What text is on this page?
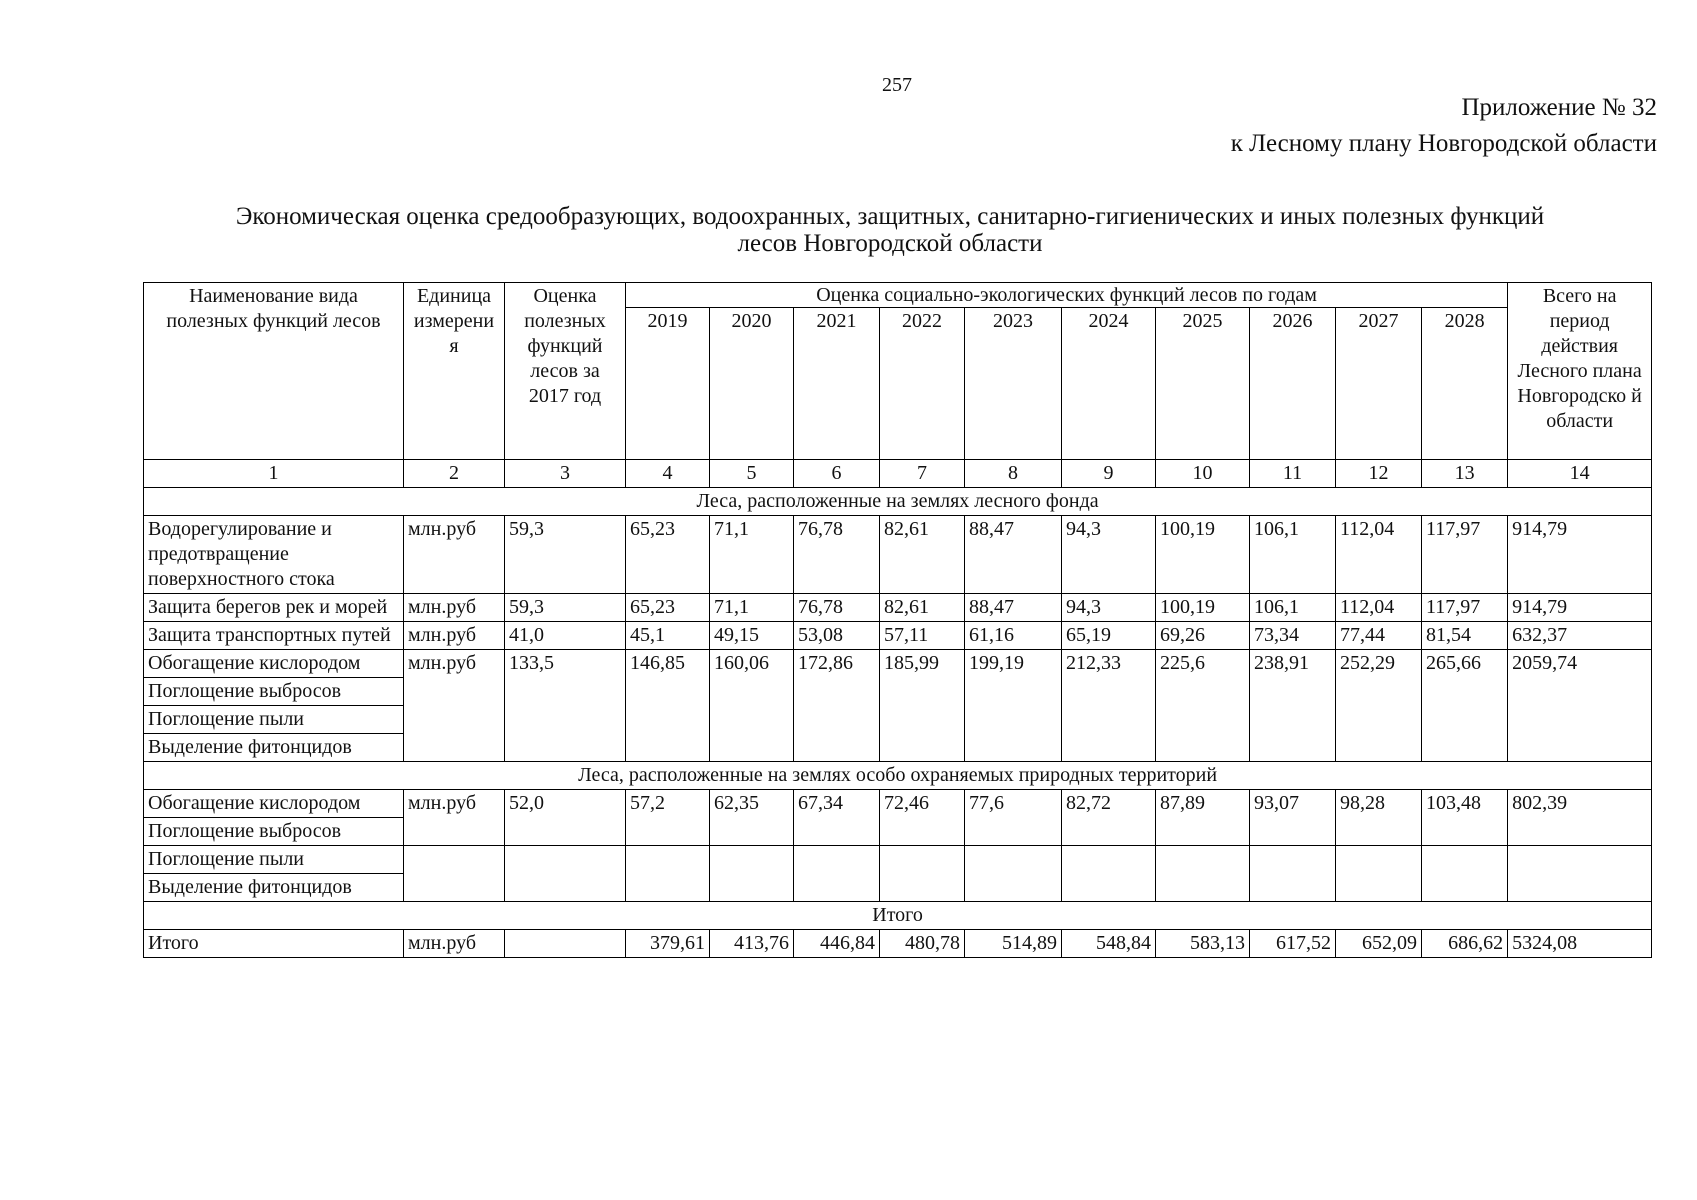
257
Приложение № 32
к Лесному плану Новгородской области
Экономическая оценка средообразующих, водоохранных, защитных, санитарно-гигиенических и иных полезных функций
лесов Новгородской области
Наименование вида полезных функций лесов	Единица измерени я	Оценка полезных функций лесов за 2017 год	Оценка социально-экологических функций лесов по годам										Всего на период действия Лесного плана Новгородско й области
			2019	2020	2021	2022	2023	2024	2025	2026	2027	2028	
1	2	3	4	5	6	7	8	9	10	11	12	13	14
Леса, расположенные на землях лесного фонда													
Водорегулирование и предотвращение поверхностного стока	млн.руб	59,3	65,23	71,1	76,78	82,61	88,47	94,3	100,19	106,1	112,04	117,97	914,79
Защита берегов рек и морей	млн.руб	59,3	65,23	71,1	76,78	82,61	88,47	94,3	100,19	106,1	112,04	117,97	914,79
Защита транспортных путей	млн.руб	41,0	45,1	49,15	53,08	57,11	61,16	65,19	69,26	73,34	77,44	81,54	632,37
Обогащение кислородом	млн.руб	133,5	146,85	160,06	172,86	185,99	199,19	212,33	225,6	238,91	252,29	265,66	2059,74
Поглощение выбросов													
Поглощение пыли													
Выделение фитонцидов													
Леса, расположенные на землях особо охраняемых природных территорий													
Обогащение кислородом	млн.руб	52,0	57,2	62,35	67,34	72,46	77,6	82,72	87,89	93,07	98,28	103,48	802,39
Поглощение выбросов													
Поглощение пыли													
Выделение фитонцидов													
Итого													
Итого	млн.руб		379,61	413,76	446,84	480,78	514,89	548,84	583,13	617,52	652,09	686,62	5324,08
